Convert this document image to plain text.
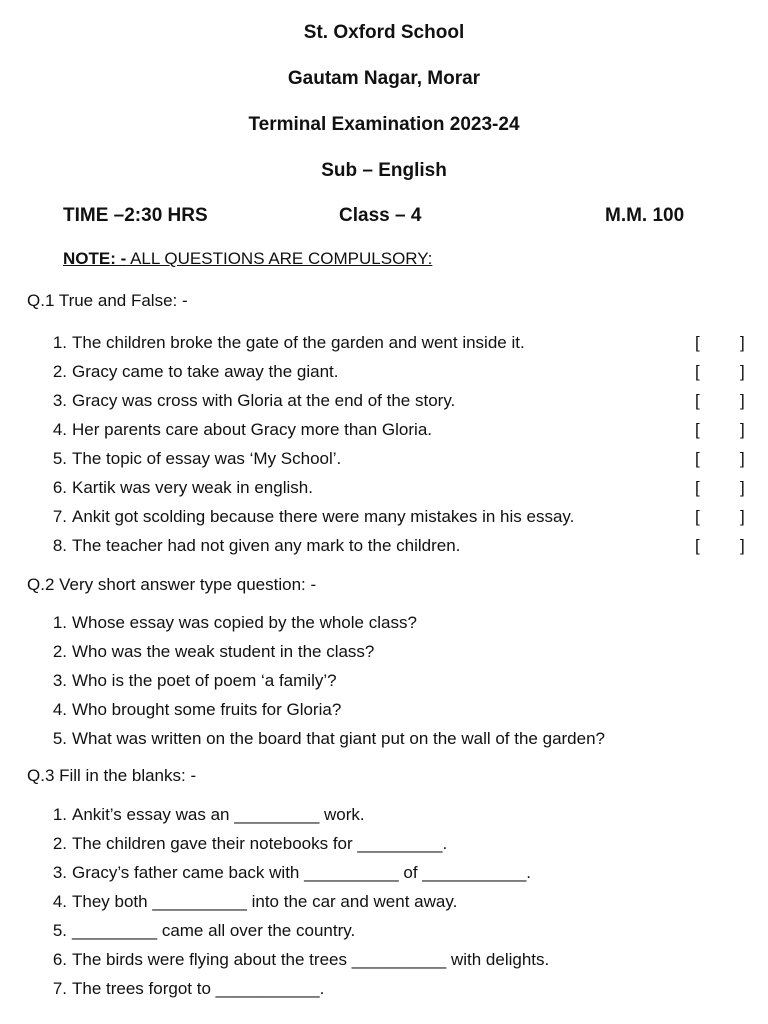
St. Oxford School
Gautam Nagar, Morar
Terminal Examination 2023-24
Sub – English
TIME –2:30 HRS	Class – 4	M.M. 100
NOTE: - ALL QUESTIONS ARE COMPULSORY:
Q.1 True and False: -
1. The children broke the gate of the garden and went inside it.	[ ]
2. Gracy came to take away the giant.	[ ]
3. Gracy was cross with Gloria at the end of the story.	[ ]
4. Her parents care about Gracy more than Gloria.	[ ]
5. The topic of essay was ‘My School’.	[ ]
6. Kartik was very weak in english.	[ ]
7. Ankit got scolding because there were many mistakes in his essay.	[ ]
8. The teacher had not given any mark to the children.	[ ]
Q.2 Very short answer type question: -
1. Whose essay was copied by the whole class?
2. Who was the weak student in the class?
3. Who is the poet of poem ‘a family’?
4. Who brought some fruits for Gloria?
5. What was written on the board that giant put on the wall of the garden?
Q.3 Fill in the blanks: -
1. Ankit’s essay was an _________ work.
2. The children gave their notebooks for _________.
3. Gracy’s father came back with __________ of ___________.
4. They both __________ into the car and went away.
5. _________ came all over the country.
6. The birds were flying about the trees __________ with delights.
7. The trees forgot to ___________.
